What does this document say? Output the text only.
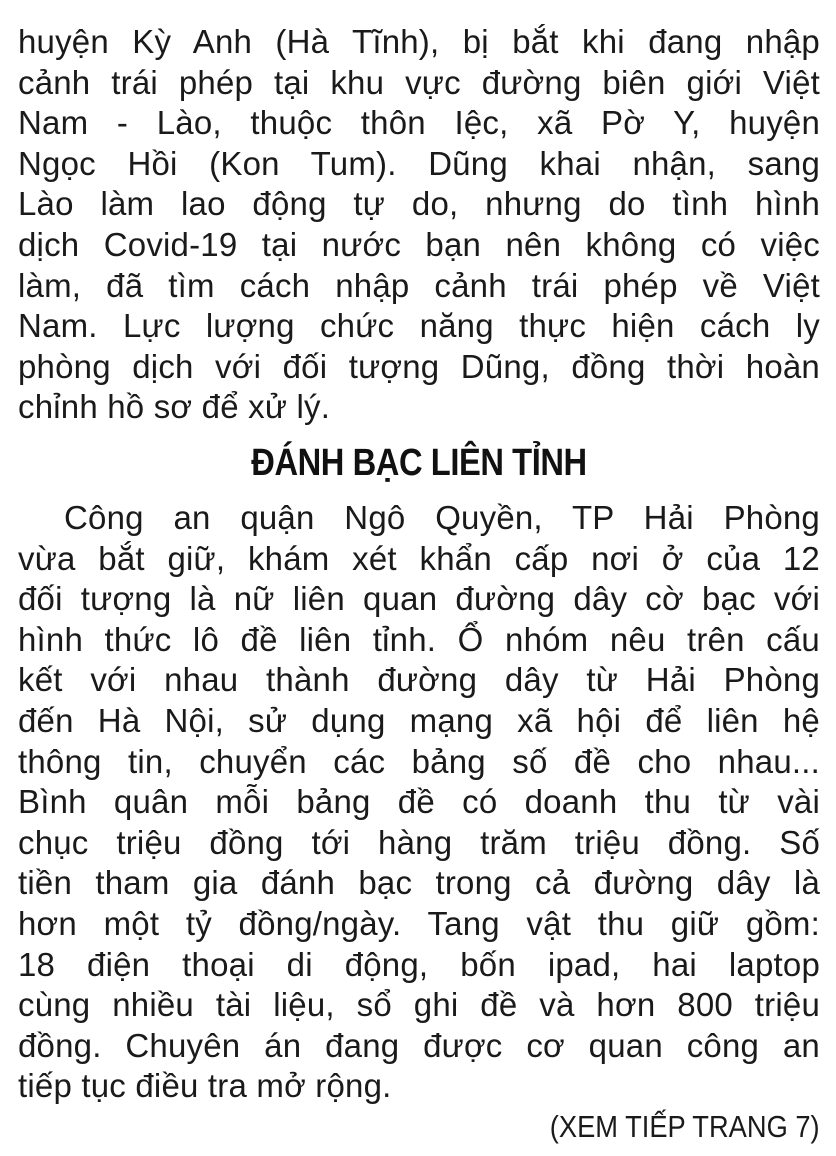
huyện Kỳ Anh (Hà Tĩnh), bị bắt khi đang nhập
cảnh trái phép tại khu vực đường biên giới Việt
Nam - Lào, thuộc thôn Iệc, xã Pờ Y, huyện
Ngọc Hồi (Kon Tum). Dũng khai nhận, sang
Lào làm lao động tự do, nhưng do tình hình
dịch Covid-19 tại nước bạn nên không có việc
làm, đã tìm cách nhập cảnh trái phép về Việt
Nam. Lực lượng chức năng thực hiện cách ly
phòng dịch với đối tượng Dũng, đồng thời hoàn
chỉnh hồ sơ để xử lý.
ĐÁNH BẠC LIÊN TỈNH
Công an quận Ngô Quyền, TP Hải Phòng
vừa bắt giữ, khám xét khẩn cấp nơi ở của 12
đối tượng là nữ liên quan đường dây cờ bạc với
hình thức lô đề liên tỉnh. Ổ nhóm nêu trên cấu
kết với nhau thành đường dây từ Hải Phòng
đến Hà Nội, sử dụng mạng xã hội để liên hệ
thông tin, chuyển các bảng số đề cho nhau...
Bình quân mỗi bảng đề có doanh thu từ vài
chục triệu đồng tới hàng trăm triệu đồng. Số
tiền tham gia đánh bạc trong cả đường dây là
hơn một tỷ đồng/ngày. Tang vật thu giữ gồm:
18 điện thoại di động, bốn ipad, hai laptop
cùng nhiều tài liệu, sổ ghi đề và hơn 800 triệu
đồng. Chuyên án đang được cơ quan công an
tiếp tục điều tra mở rộng.
(XEM TIẾP TRANG 7)
